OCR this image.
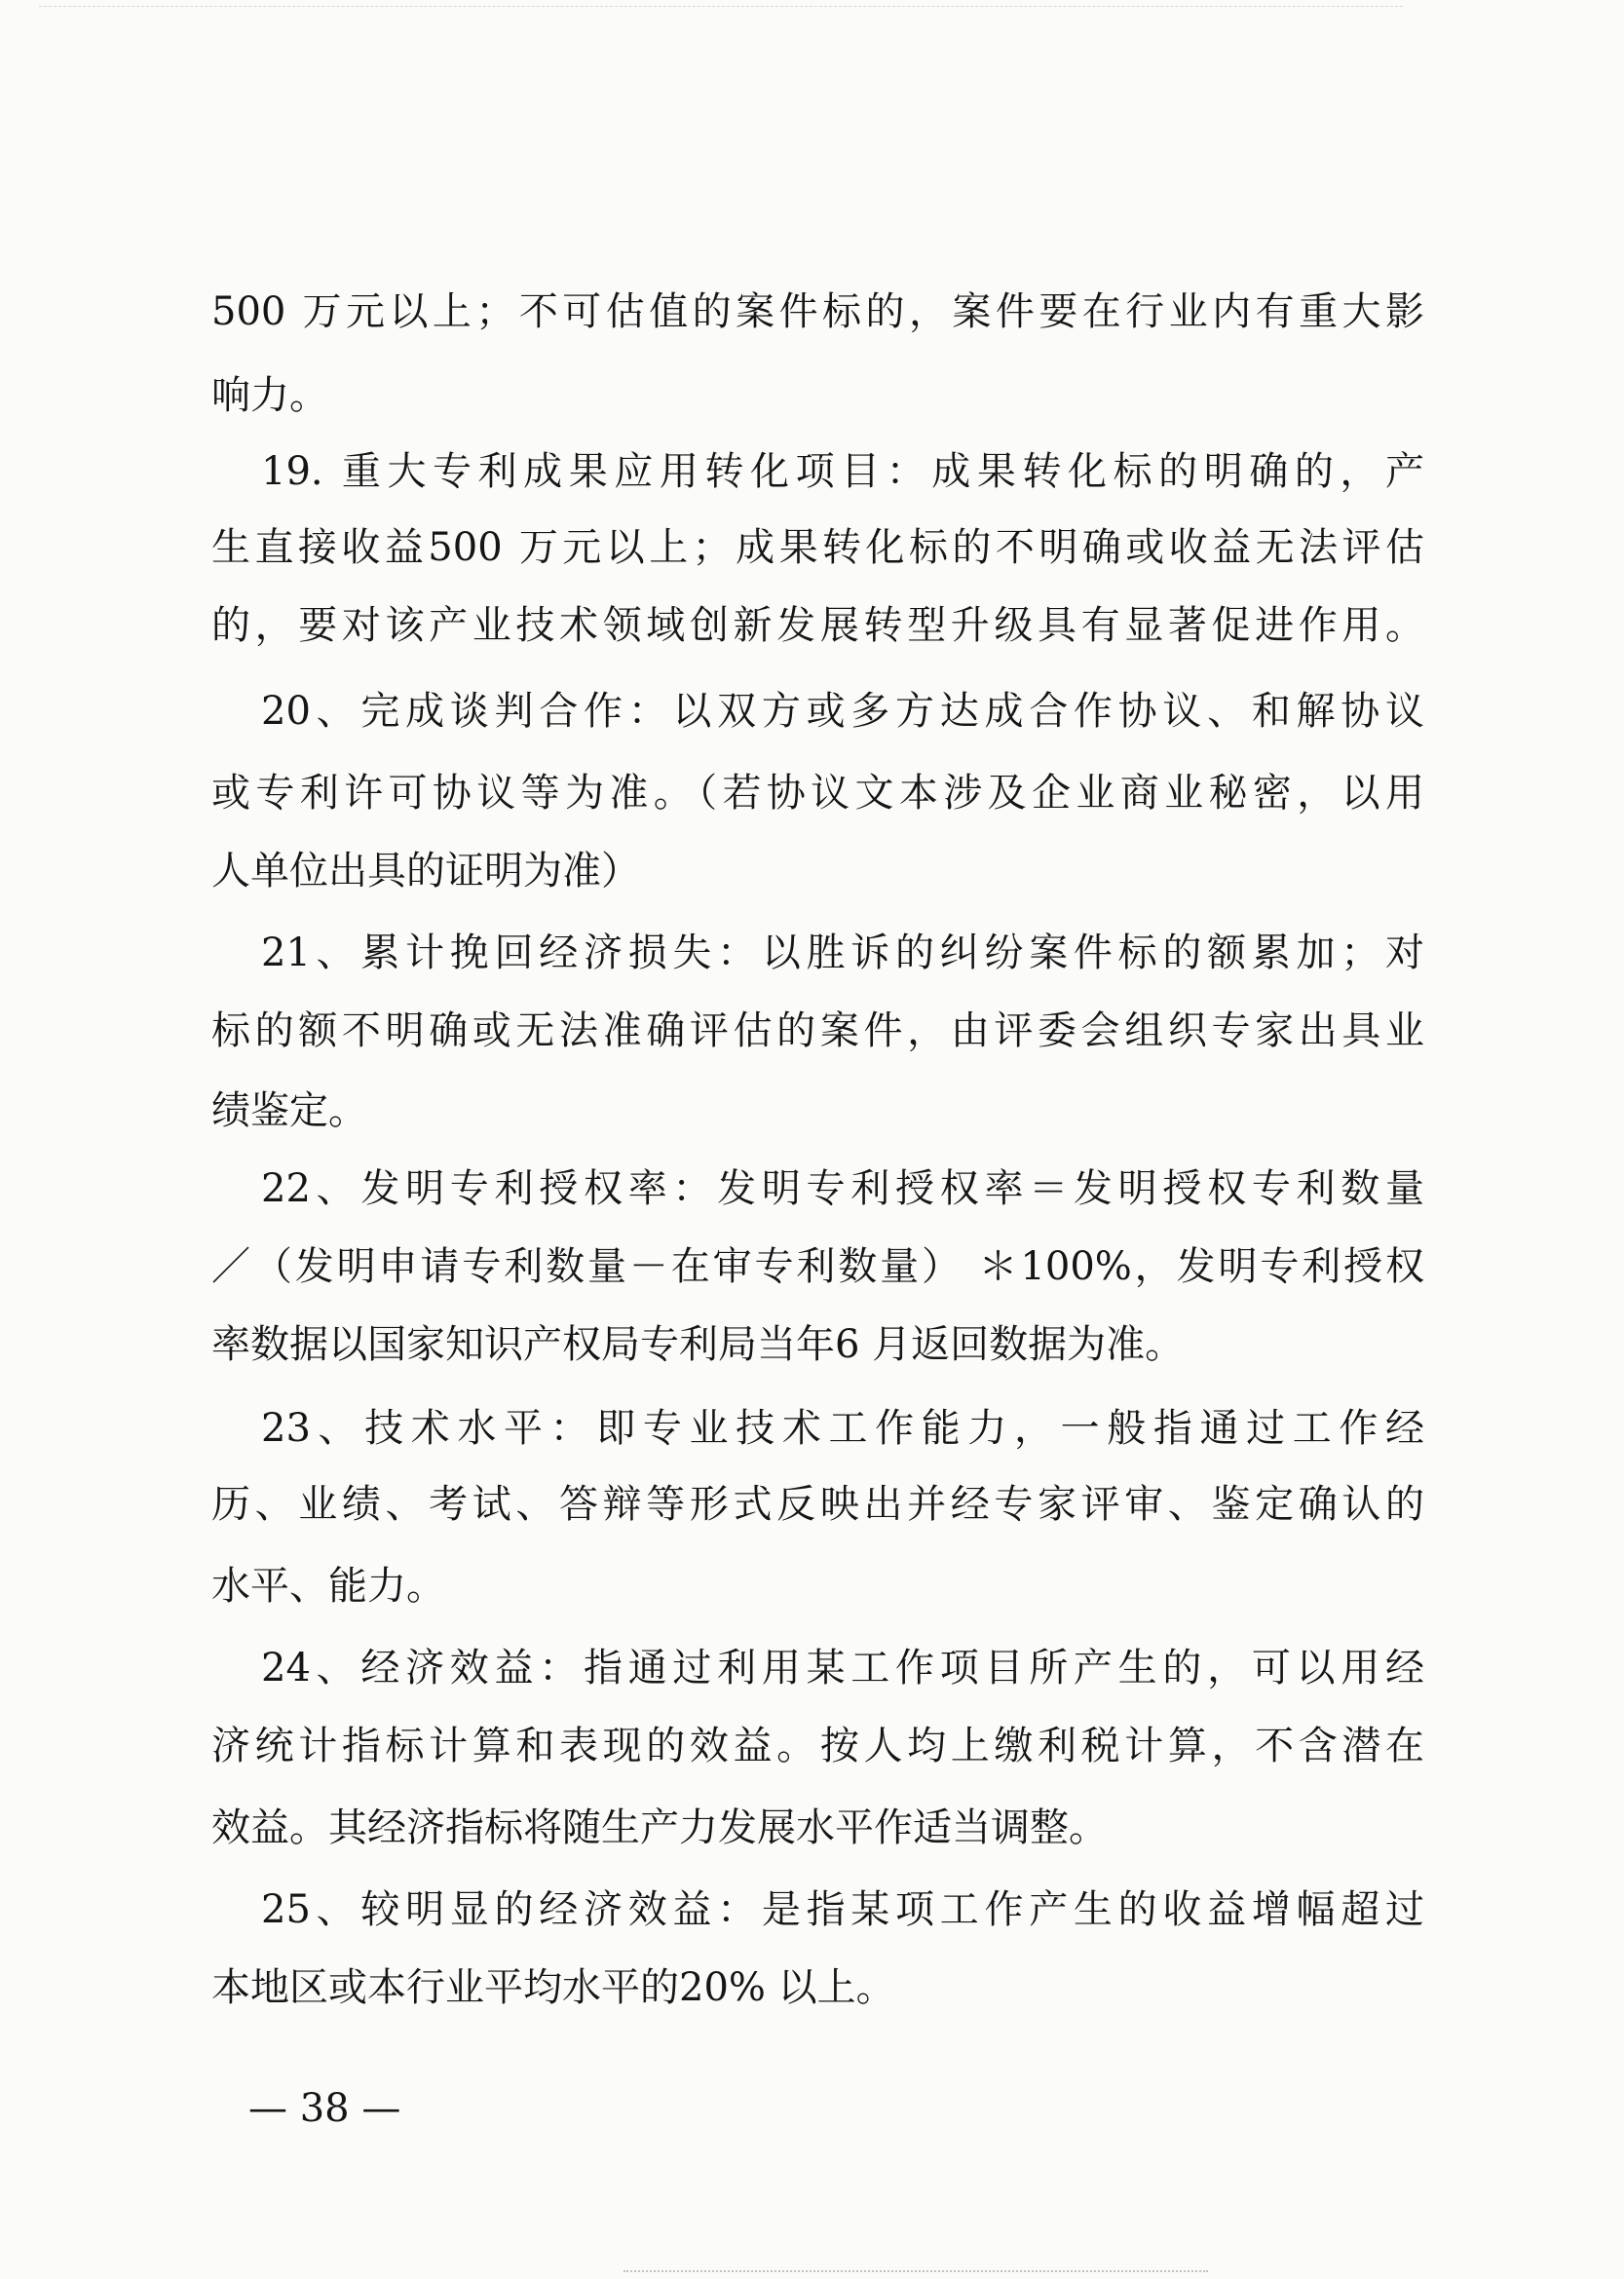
500 万元以上；不可估值的案件标的，案件要在行业内有重大影
响力。
19. 重大专利成果应用转化项目：成果转化标的明确的，产
生直接收益500 万元以上；成果转化标的不明确或收益无法评估
的，要对该产业技术领域创新发展转型升级具有显著促进作用。
20、完成谈判合作：以双方或多方达成合作协议、和解协议
或专利许可协议等为准。（若协议文本涉及企业商业秘密，以用
人单位出具的证明为准）
21、累计挽回经济损失：以胜诉的纠纷案件标的额累加；对
标的额不明确或无法准确评估的案件，由评委会组织专家出具业
绩鉴定。
22、发明专利授权率：发明专利授权率＝发明授权专利数量
／（发明申请专利数量－在审专利数量） ＊100%，发明专利授权
率数据以国家知识产权局专利局当年6 月返回数据为准。
23、技术水平：即专业技术工作能力，一般指通过工作经
历、业绩、考试、答辩等形式反映出并经专家评审、鉴定确认的
水平、能力。
24、经济效益：指通过利用某工作项目所产生的，可以用经
济统计指标计算和表现的效益。按人均上缴利税计算，不含潜在
效益。其经济指标将随生产力发展水平作适当调整。
25、较明显的经济效益：是指某项工作产生的收益增幅超过
本地区或本行业平均水平的20% 以上。
— 38 —
